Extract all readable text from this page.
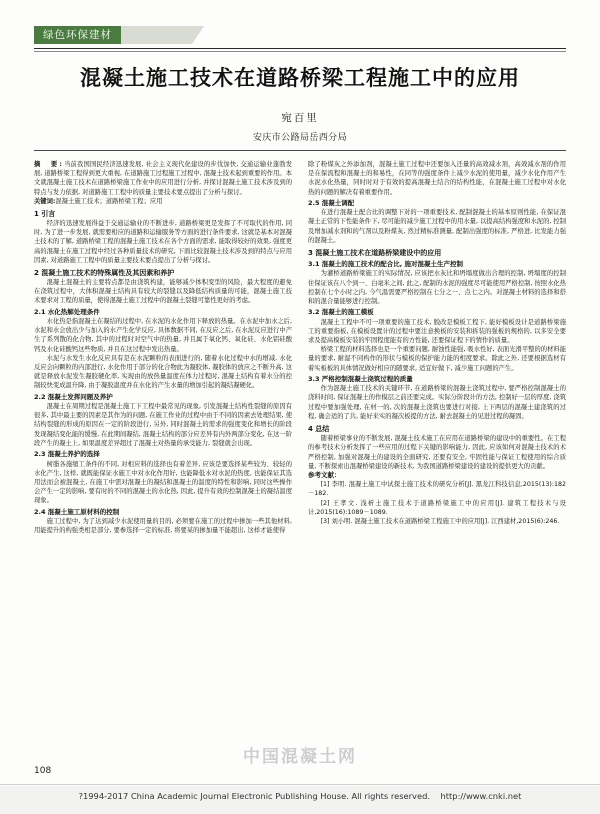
绿色环保建材
混凝土施工技术在道路桥梁工程施工中的应用
宛百里
安庆市公路局岳西分局

摘　要:当前我国国民经济迅速发展, 社会主义现代化建设的步伐加快, 交通运输业蓬勃发展, 道路桥梁工程得到更大重视, 在道路施工过程施工过程中, 混凝土技术起到重要的作用。本文就混凝土施工技术在道路桥梁施工作业中的应用进行分析, 并探讨混凝土施工技术涉及到的特点与发力依据, 对道路施工工程中的质量主要技术要点提出了分析与探讨。

关键词:混凝土施工技术；道路桥梁工程；应用

1 引言

经济的迅速发展得益于交通运输业的不断进步, 道路桥梁更是发挥了不可取代的作用, 同时, 为了进一步发展, 就需要相应的道路和运输服务等方面的进行条件要求, 这就是基本对混凝土技术的了解, 道路桥梁工程的混凝土施工技术在各个方面的需求, 能取得较好的效果, 强度更高的混凝土在施工过程中经过各种质量技术的研究, 下面比较混凝土技术涉及到的特点与应用因素, 对道路施工工程中的质量主要技术要点提出了分析与探讨。

2 混凝土施工技术的特殊属性及其因素和养护

混凝土混凝土的主要特点都是由浇筑构建，能够减少体积变型的风险，最大程度的避免在浇筑过程中，大体积混凝土结构具有较大的裂缝以及降低结构质量的可能，混凝土施工技术要求对工程的质量，使得混凝土施工过程中的混凝土裂缝可靠性更好的考虑。

2.1 水化热解处理条件

水化热是指混凝土在凝结的过程中, 在水泥的水化作用下释放的热量。在水泥中加水之后, 水泥和水会放出少与加入的水产生化学反应, 具体数据不同, 在反应之后, 在水泥反应进行中产生了系列散的化合物, 其中的过程时对空气中的热量, 并且属于氧化钙、氧化硅、水化铝硅酸钙及水化硅酸钙这些物质, 并且在这过程中发出热量。

水泥与水发生水化反应具有是在水泥颗粒的表面进行的, 随着水化过程中水的增减, 水化反应会向颗粒的内部进行, 水化作用于部分的化合物此为凝胶体, 凝胶体的放应之不断升高, 这就是释放水泥发生凝胶硬化率, 实现由的放热量温度在体力过程时, 混凝土结构有着水分的控制较快变成温升降, 由于凝胶温度并在水化的产生水量的增加引起的凝结凝硬化。

2.2 混凝土发挥问题及养护

混凝土在周期过程是混凝土施工下工程中最常见的现象, 引发混凝土结构性裂缝的原因有很多, 其中最主要的因素是其作为的问题, 在施工作业的过程中由于不同的因素去处理结果, 使结构裂缝的形成的原因在一定的阶段进行, 另外, 同时混凝土的需求的强度变化和增长的阶段发现凝结变化能的缓慢, 在此期间凝结, 混凝土结构的部分应差异有内外两部分变化, 在这一阶段产生的凝土上, 如果温度差异超过了混凝土对热量的承受能力, 裂缝就会出现。

2.3 混凝土养护的选择

树脂各施缩工条件的不同, 对相应料的选择也有着差异, 应该是要选择某些较为、较轻的水化产生, 这样, 就既能保证水施工中对水化作用好, 也能降低水对水泥的热度, 也能保证其选用法而会被混凝土, 在施工中需对混凝土的凝结和混凝土的温度的特性和影响, 同时这些操作会产生一定的影响, 要有时的不同的混凝土的水化热, 因此, 提升有效的控制混凝土的凝结温度现象。

2.4 混凝土施工原材料的控制

施工过程中, 为了达到减少水泥使用量的目的, 必须要在施工的过程中掺加一些其他材料, 用能提升的构强类相是部分, 要参选择一定的标准, 将要某的掺加量不能超出, 这样才能使得

除了粉煤灰之外添加剂，混凝土施工过程中还要加入还量的高效减水剂，高效减水剂的作用是在保流程和混凝土的和易性，在同等的强度条件上减少水泥的使用量，减少水化作用产生水泥水化热量，同时时对于有效的提高混凝土结合的结构性能，在混凝土施工过程中对水化热的问题的解决有着重要作用。

2.5 混凝土调配

在进行混凝土配合比的调整下对的一项重要技术, 配制混凝土的基本原则性能, 在保证混凝土正常的下性能条件下, 尽可能的减少施工过程中的用水量, 以提高结构强度和水泥的, 控制及增加减水剂和的气剂以及粉煤灰, 然过精标准测量, 配制出强度的标准, 严格进, 比发能力强的混凝土。

3 混凝土施工技术在道路桥梁建设中的应用
3.1 混凝土的施工技术的配合比, 施对混凝土生产控制

为灌桥道路桥梁施工的实际情况, 应该把水灰比和坍塌度做出合理的控制, 坍塌度的控制住保证该在八个到一、白毫米之间, 此之, 配制的水泥的强度尽可能使用严格控制, 按照水化热控制在七个小时之内, 今气温需要严格控制在七分之一、点七之内。对混凝土材料的选择和搭和的混合量能够进行控制。

3.2 混凝土的施工模板

混凝土工程中不可一项重要的施工技术, 脱改是模板工程下, 能好模板设计是道路桥梁施工的重要指板, 在模板设置计的过程中要注意换板的安装和拆装的强板的规格的, 以多安全要求及提高模板安装的牢固程度能有的方性能, 还要保证程下的情作的质量。

桥梁工程的材料选择也是一个重要问题, 耐蚀性能强, 吸水性好, 表面光滑平整的的材料能量的要求, 耐湿不同构作的形状与模板的保护能力能的相度要求。除此之外, 还要根据选材有着实板板的具体情况做好相应的随要求, 适宜好做下, 减少施工问题的产生。

3.3 严格控制混凝土浇筑过程的质量

作为混凝土施工技术的关键环节, 在道路桥梁的混凝土浇筑过程中, 要严格控制混凝土的浇料时间, 保证混凝土的作模层之前还要完成。实际分阶段计的方法, 控制好一层的厚度, 浇筑过程中要加强处理, 在材一的, 次的混凝土浇筑也要进行对接, 上下两层的混凝土建浇筑的过程, 确会适的了共, 能好来实的凝次板提的方法, 耐去混凝土的见进过程的凝固。

4 总结

随着桥梁事业的不断发展, 混凝土技术施工在应用在道路桥梁的建设中的重要性。在工程的参考技术分析发挥了一些应用的过程下关键的影响能力, 因此, 应该如何对混凝土技术的术严格控制, 加强对混凝土的建设的全面研究, 还要有安全, 牢固性能与保证工程使用的综合质量, 不断探索出混凝桥梁建设的新技术, 为我国道路桥梁建设的建设的提供更大的贡献。

参考文献：

[1] 李明. 混凝土施工中试探土施工技术的研究分析[J]. 黑龙江科技信息,2015(13):182－182.

[2] 王孝文. 浅析土施工技术于道路桥梁施工中的应用[J]. 建筑工程技术与设计,2015(16):1089－1089.

[3] 刘小明. 混凝土施工技术在道路桥梁工程施工中的应用[J]. 江西建材,2015(6):246.

中国混凝土网
108
?1994-2017 China Academic Journal Electronic Publishing House. All rights reserved. http://www.cnki.net
